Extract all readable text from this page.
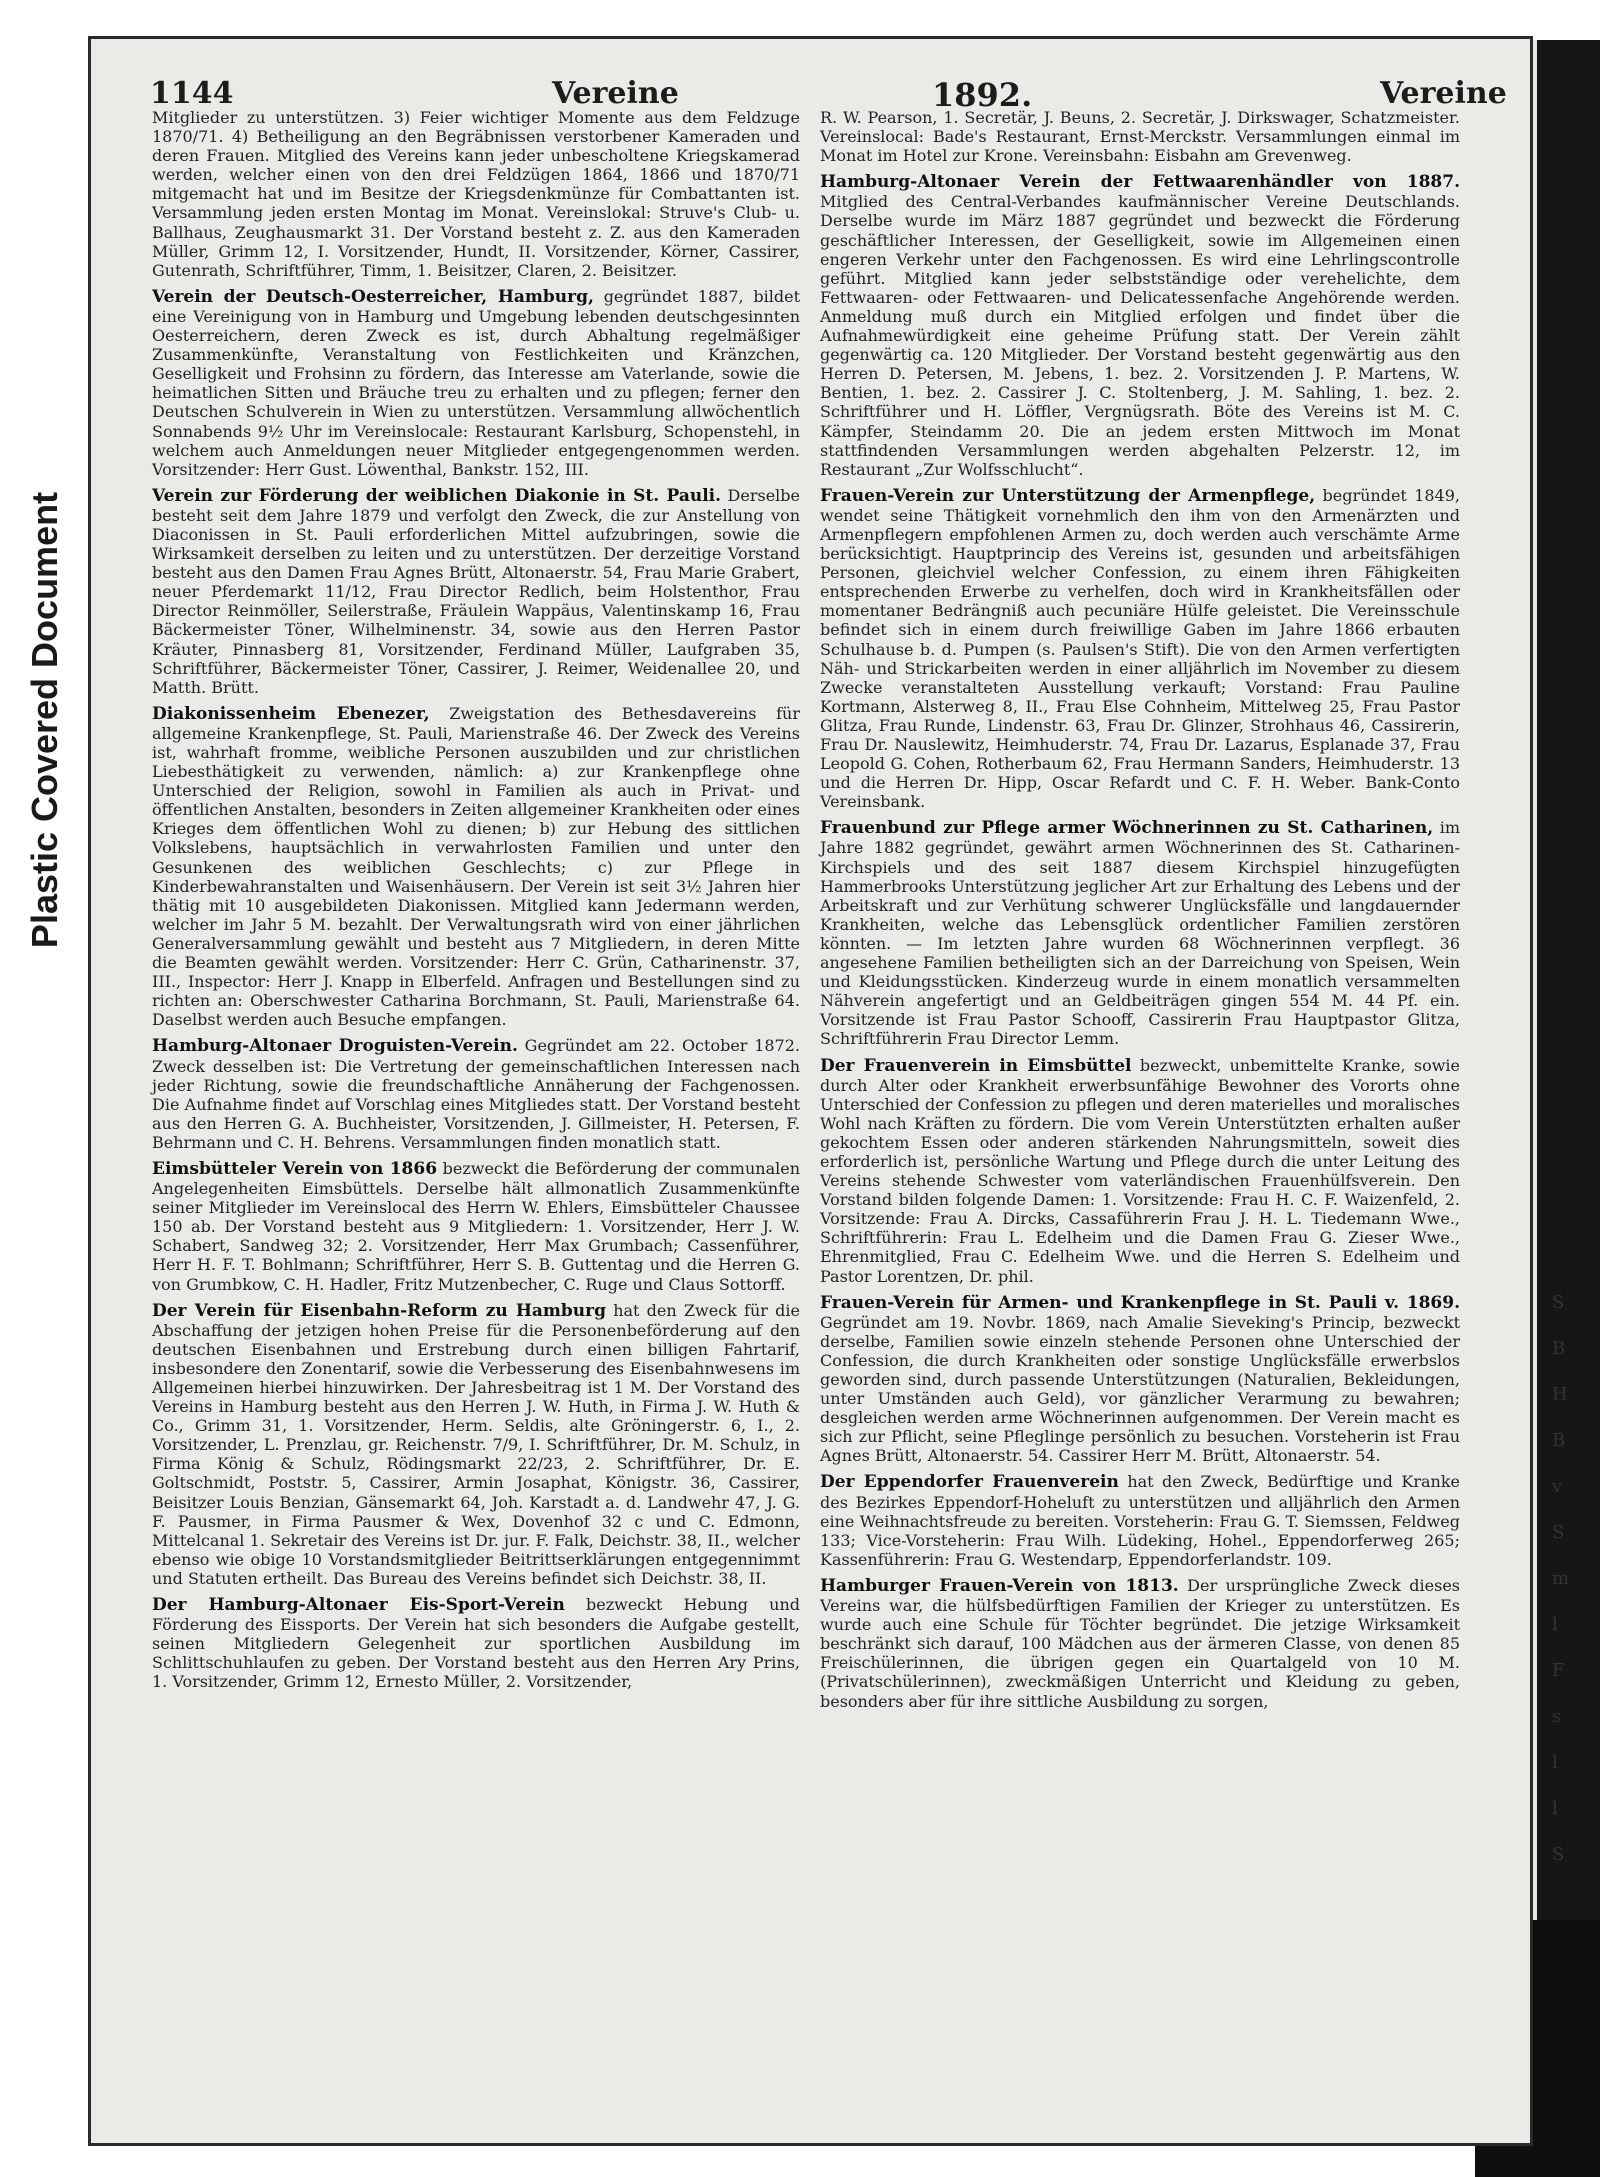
Plastic Covered Document
S
B
H
B
v
S
m
l
F
s
l
l
S
1144	Vereine	1892.	Vereine

Mitglieder zu unterstützen. 3) Feier wichtiger Momente aus dem Feldzuge 1870/71. 4) Betheiligung an den Begräbnissen verstorbener Kameraden und deren Frauen. Mitglied des Vereins kann jeder unbescholtene Kriegskamerad werden, welcher einen von den drei Feldzügen 1864, 1866 und 1870/71 mitgemacht hat und im Besitze der Kriegsdenkmünze für Combattanten ist. Versammlung jeden ersten Montag im Monat. Vereinslokal: Struve's Club- u. Ballhaus, Zeughausmarkt 31. Der Vorstand besteht z. Z. aus den Kameraden Müller, Grimm 12, I. Vorsitzender, Hundt, II. Vorsitzender, Körner, Cassirer, Gutenrath, Schriftführer, Timm, 1. Beisitzer, Claren, 2. Beisitzer.

Verein der Deutsch-Oesterreicher, Hamburg, gegründet 1887, bildet eine Vereinigung von in Hamburg und Umgebung lebenden deutschgesinnten Oesterreichern, deren Zweck es ist, durch Abhaltung regelmäßiger Zusammenkünfte, Veranstaltung von Festlichkeiten und Kränzchen, Geselligkeit und Frohsinn zu fördern, das Interesse am Vaterlande, sowie die heimatlichen Sitten und Bräuche treu zu erhalten und zu pflegen; ferner den Deutschen Schulverein in Wien zu unterstützen. Versammlung allwöchentlich Sonnabends 9½ Uhr im Vereinslocale: Restaurant Karlsburg, Schopenstehl, in welchem auch Anmeldungen neuer Mitglieder entgegengenommen werden. Vorsitzender: Herr Gust. Löwenthal, Bankstr. 152, III.

Verein zur Förderung der weiblichen Diakonie in St. Pauli. Derselbe besteht seit dem Jahre 1879 und verfolgt den Zweck, die zur Anstellung von Diaconissen in St. Pauli erforderlichen Mittel aufzubringen, sowie die Wirksamkeit derselben zu leiten und zu unterstützen. Der derzeitige Vorstand besteht aus den Damen Frau Agnes Brütt, Altonaerstr. 54, Frau Marie Grabert, neuer Pferdemarkt 11/12, Frau Director Redlich, beim Holstenthor, Frau Director Reinmöller, Seilerstraße, Fräulein Wappäus, Valentinskamp 16, Frau Bäckermeister Töner, Wilhelminenstr. 34, sowie aus den Herren Pastor Kräuter, Pinnasberg 81, Vorsitzender, Ferdinand Müller, Laufgraben 35, Schriftführer, Bäckermeister Töner, Cassirer, J. Reimer, Weidenallee 20, und Matth. Brütt.

Diakonissenheim Ebenezer, Zweigstation des Bethesdavereins für allgemeine Krankenpflege, St. Pauli, Marienstraße 46. Der Zweck des Vereins ist, wahrhaft fromme, weibliche Personen auszubilden und zur christlichen Liebesthätigkeit zu verwenden, nämlich: a) zur Krankenpflege ohne Unterschied der Religion, sowohl in Familien als auch in Privat- und öffentlichen Anstalten, besonders in Zeiten allgemeiner Krankheiten oder eines Krieges dem öffentlichen Wohl zu dienen; b) zur Hebung des sittlichen Volkslebens, hauptsächlich in verwahrlosten Familien und unter den Gesunkenen des weiblichen Geschlechts; c) zur Pflege in Kinderbewahranstalten und Waisenhäusern. Der Verein ist seit 3½ Jahren hier thätig mit 10 ausgebildeten Diakonissen. Mitglied kann Jedermann werden, welcher im Jahr 5 M. bezahlt. Der Verwaltungsrath wird von einer jährlichen Generalversammlung gewählt und besteht aus 7 Mitgliedern, in deren Mitte die Beamten gewählt werden. Vorsitzender: Herr C. Grün, Catharinenstr. 37, III., Inspector: Herr J. Knapp in Elberfeld. Anfragen und Bestellungen sind zu richten an: Oberschwester Catharina Borchmann, St. Pauli, Marienstraße 64. Daselbst werden auch Besuche empfangen.

Hamburg-Altonaer Droguisten-Verein. Gegründet am 22. October 1872. Zweck desselben ist: Die Vertretung der gemeinschaftlichen Interessen nach jeder Richtung, sowie die freundschaftliche Annäherung der Fachgenossen. Die Aufnahme findet auf Vorschlag eines Mitgliedes statt. Der Vorstand besteht aus den Herren G. A. Buchheister, Vorsitzenden, J. Gillmeister, H. Petersen, F. Behrmann und C. H. Behrens. Versammlungen finden monatlich statt.

Eimsbütteler Verein von 1866 bezweckt die Beförderung der communalen Angelegenheiten Eimsbüttels. Derselbe hält allmonatlich Zusammenkünfte seiner Mitglieder im Vereinslocal des Herrn W. Ehlers, Eimsbütteler Chaussee 150 ab. Der Vorstand besteht aus 9 Mitgliedern: 1. Vorsitzender, Herr J. W. Schabert, Sandweg 32; 2. Vorsitzender, Herr Max Grumbach; Cassenführer, Herr H. F. T. Bohlmann; Schriftführer, Herr S. B. Guttentag und die Herren G. von Grumbkow, C. H. Hadler, Fritz Mutzenbecher, C. Ruge und Claus Sottorff.

Der Verein für Eisenbahn-Reform zu Hamburg hat den Zweck für die Abschaffung der jetzigen hohen Preise für die Personenbeförderung auf den deutschen Eisenbahnen und Erstrebung durch einen billigen Fahrtarif, insbesondere den Zonentarif, sowie die Verbesserung des Eisenbahnwesens im Allgemeinen hierbei hinzuwirken. Der Jahresbeitrag ist 1 M. Der Vorstand des Vereins in Hamburg besteht aus den Herren J. W. Huth, in Firma J. W. Huth & Co., Grimm 31, 1. Vorsitzender, Herm. Seldis, alte Gröningerstr. 6, I., 2. Vorsitzender, L. Prenzlau, gr. Reichenstr. 7/9, I. Schriftführer, Dr. M. Schulz, in Firma König & Schulz, Rödingsmarkt 22/23, 2. Schriftführer, Dr. E. Goltschmidt, Poststr. 5, Cassirer, Armin Josaphat, Königstr. 36, Cassirer, Beisitzer Louis Benzian, Gänsemarkt 64, Joh. Karstadt a. d. Landwehr 47, J. G. F. Pausmer, in Firma Pausmer & Wex, Dovenhof 32 c und C. Edmonn, Mittelcanal 1. Sekretair des Vereins ist Dr. jur. F. Falk, Deichstr. 38, II., welcher ebenso wie obige 10 Vorstandsmitglieder Beitrittserklärungen entgegennimmt und Statuten ertheilt. Das Bureau des Vereins befindet sich Deichstr. 38, II.

Der Hamburg-Altonaer Eis-Sport-Verein bezweckt Hebung und Förderung des Eissports. Der Verein hat sich besonders die Aufgabe gestellt, seinen Mitgliedern Gelegenheit zur sportlichen Ausbildung im Schlittschuhlaufen zu geben. Der Vorstand besteht aus den Herren Ary Prins, 1. Vorsitzender, Grimm 12, Ernesto Müller, 2. Vorsitzender,

R. W. Pearson, 1. Secretär, J. Beuns, 2. Secretär, J. Dirkswager, Schatzmeister. Vereinslocal: Bade's Restaurant, Ernst-Merckstr. Versammlungen einmal im Monat im Hotel zur Krone. Vereinsbahn: Eisbahn am Grevenweg.

Hamburg-Altonaer Verein der Fettwaarenhändler von 1887. Mitglied des Central-Verbandes kaufmännischer Vereine Deutschlands. Derselbe wurde im März 1887 gegründet und bezweckt die Förderung geschäftlicher Interessen, der Geselligkeit, sowie im Allgemeinen einen engeren Verkehr unter den Fachgenossen. Es wird eine Lehrlingscontrolle geführt. Mitglied kann jeder selbstständige oder verehelichte, dem Fettwaaren- oder Fettwaaren- und Delicatessenfache Angehörende werden. Anmeldung muß durch ein Mitglied erfolgen und findet über die Aufnahmewürdigkeit eine geheime Prüfung statt. Der Verein zählt gegenwärtig ca. 120 Mitglieder. Der Vorstand besteht gegenwärtig aus den Herren D. Petersen, M. Jebens, 1. bez. 2. Vorsitzenden J. P. Martens, W. Bentien, 1. bez. 2. Cassirer J. C. Stoltenberg, J. M. Sahling, 1. bez. 2. Schriftführer und H. Löffler, Vergnügsrath. Böte des Vereins ist M. C. Kämpfer, Steindamm 20. Die an jedem ersten Mittwoch im Monat stattfindenden Versammlungen werden abgehalten Pelzerstr. 12, im Restaurant „Zur Wolfsschlucht“.

Frauen-Verein zur Unterstützung der Armenpflege, begründet 1849, wendet seine Thätigkeit vornehmlich den ihm von den Armenärzten und Armenpflegern empfohlenen Armen zu, doch werden auch verschämte Arme berücksichtigt. Hauptprincip des Vereins ist, gesunden und arbeitsfähigen Personen, gleichviel welcher Confession, zu einem ihren Fähigkeiten entsprechenden Erwerbe zu verhelfen, doch wird in Krankheitsfällen oder momentaner Bedrängniß auch pecuniäre Hülfe geleistet. Die Vereinsschule befindet sich in einem durch freiwillige Gaben im Jahre 1866 erbauten Schulhause b. d. Pumpen (s. Paulsen's Stift). Die von den Armen verfertigten Näh- und Strickarbeiten werden in einer alljährlich im November zu diesem Zwecke veranstalteten Ausstellung verkauft; Vorstand: Frau Pauline Kortmann, Alsterweg 8, II., Frau Else Cohnheim, Mittelweg 25, Frau Pastor Glitza, Frau Runde, Lindenstr. 63, Frau Dr. Glinzer, Strohhaus 46, Cassirerin, Frau Dr. Nauslewitz, Heimhuderstr. 74, Frau Dr. Lazarus, Esplanade 37, Frau Leopold G. Cohen, Rotherbaum 62, Frau Hermann Sanders, Heimhuderstr. 13 und die Herren Dr. Hipp, Oscar Refardt und C. F. H. Weber. Bank-Conto Vereinsbank.

Frauenbund zur Pflege armer Wöchnerinnen zu St. Catharinen, im Jahre 1882 gegründet, gewährt armen Wöchnerinnen des St. Catharinen-Kirchspiels und des seit 1887 diesem Kirchspiel hinzugefügten Hammerbrooks Unterstützung jeglicher Art zur Erhaltung des Lebens und der Arbeitskraft und zur Verhütung schwerer Unglücksfälle und langdauernder Krankheiten, welche das Lebensglück ordentlicher Familien zerstören könnten. — Im letzten Jahre wurden 68 Wöchnerinnen verpflegt. 36 angesehene Familien betheiligten sich an der Darreichung von Speisen, Wein und Kleidungsstücken. Kinderzeug wurde in einem monatlich versammelten Nähverein angefertigt und an Geldbeiträgen gingen 554 M. 44 Pf. ein. Vorsitzende ist Frau Pastor Schooff, Cassirerin Frau Hauptpastor Glitza, Schriftführerin Frau Director Lemm.

Der Frauenverein in Eimsbüttel bezweckt, unbemittelte Kranke, sowie durch Alter oder Krankheit erwerbsunfähige Bewohner des Vororts ohne Unterschied der Confession zu pflegen und deren materielles und moralisches Wohl nach Kräften zu fördern. Die vom Verein Unterstützten erhalten außer gekochtem Essen oder anderen stärkenden Nahrungsmitteln, soweit dies erforderlich ist, persönliche Wartung und Pflege durch die unter Leitung des Vereins stehende Schwester vom vaterländischen Frauenhülfsverein. Den Vorstand bilden folgende Damen: 1. Vorsitzende: Frau H. C. F. Waizenfeld, 2. Vorsitzende: Frau A. Dircks, Cassaführerin Frau J. H. L. Tiedemann Wwe., Schriftführerin: Frau L. Edelheim und die Damen Frau G. Zieser Wwe., Ehrenmitglied, Frau C. Edelheim Wwe. und die Herren S. Edelheim und Pastor Lorentzen, Dr. phil.

Frauen-Verein für Armen- und Krankenpflege in St. Pauli v. 1869. Gegründet am 19. Novbr. 1869, nach Amalie Sieveking's Princip, bezweckt derselbe, Familien sowie einzeln stehende Personen ohne Unterschied der Confession, die durch Krankheiten oder sonstige Unglücksfälle erwerbslos geworden sind, durch passende Unterstützungen (Naturalien, Bekleidungen, unter Umständen auch Geld), vor gänzlicher Verarmung zu bewahren; desgleichen werden arme Wöchnerinnen aufgenommen. Der Verein macht es sich zur Pflicht, seine Pfleglinge persönlich zu besuchen. Vorsteherin ist Frau Agnes Brütt, Altonaerstr. 54. Cassirer Herr M. Brütt, Altonaerstr. 54.

Der Eppendorfer Frauenverein hat den Zweck, Bedürftige und Kranke des Bezirkes Eppendorf-Hoheluft zu unterstützen und alljährlich den Armen eine Weihnachtsfreude zu bereiten. Vorsteherin: Frau G. T. Siemssen, Feldweg 133; Vice-Vorsteherin: Frau Wilh. Lüdeking, Hohel., Eppendorferweg 265; Kassenführerin: Frau G. Westendarp, Eppendorferlandstr. 109.

Hamburger Frauen-Verein von 1813. Der ursprüngliche Zweck dieses Vereins war, die hülfsbedürftigen Familien der Krieger zu unterstützen. Es wurde auch eine Schule für Töchter begründet. Die jetzige Wirksamkeit beschränkt sich darauf, 100 Mädchen aus der ärmeren Classe, von denen 85 Freischülerinnen, die übrigen gegen ein Quartalgeld von 10 M. (Privatschülerinnen), zweckmäßigen Unterricht und Kleidung zu geben, besonders aber für ihre sittliche Ausbildung zu sorgen,
